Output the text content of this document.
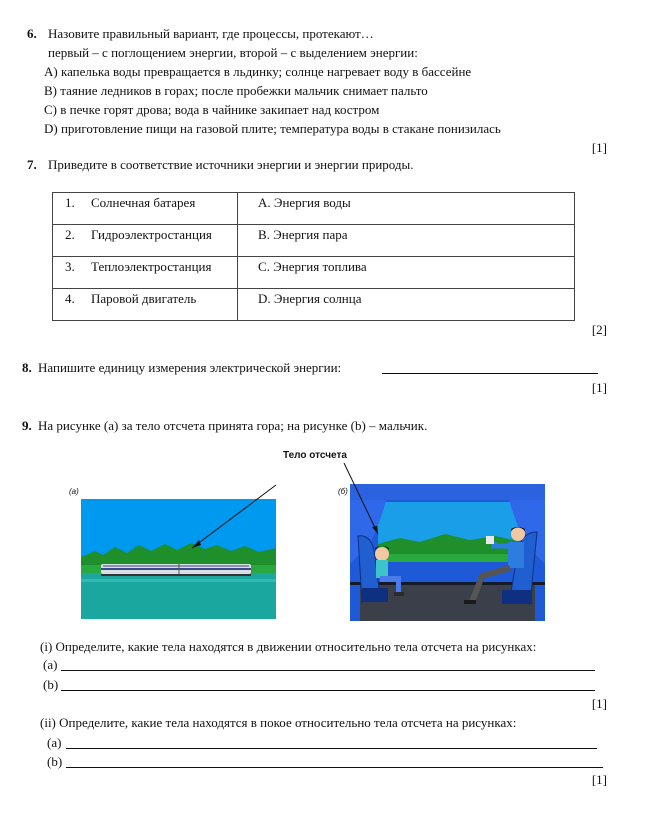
6. Назовите правильный вариант, где процессы, протекают…
первый – с поглощением энергии, второй – с выделением энергии:
A) капелька воды превращается в льдинку; солнце нагревает воду в бассейне
B) таяние ледников в горах; после пробежки мальчик снимает пальто
C) в печке горят дрова; вода в чайнике закипает над костром
D) приготовление пищи на газовой плите; температура воды в стакане понизилась
[1]
7. Приведите в соответствие источники энергии и энергии природы.
1.	Солнечная батарея	A. Энергия воды
2.	Гидроэлектростанция	B. Энергия пара
3.	Теплоэлектростанция	C. Энергия топлива
4.	Паровой двигатель	D. Энергия солнца
[2]
8. Напишите единицу измерения электрической энергии:
[1]
9. На рисунке (а) за тело отсчета принята гора; на рисунке (b) – мальчик.
Тело отсчета
(a)	(б)
(i) Определите, какие тела находятся в движении относительно тела отсчета на рисунках:
(a)
(b)
[1]
(ii) Определите, какие тела находятся в покое относительно тела отсчета на рисунках:
(a)
(b)
[1]
